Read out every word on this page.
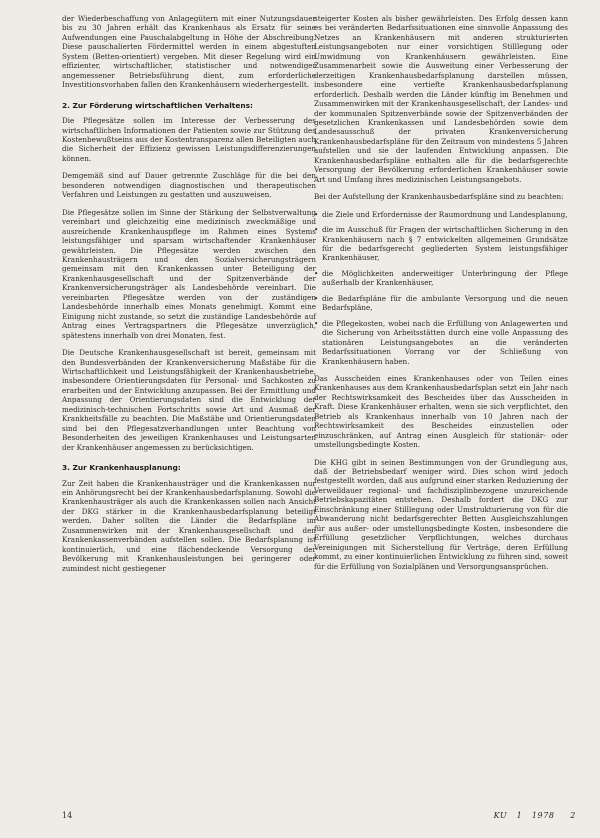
der Wiederbeschaffung von Anlagegütern mit einer Nutzungsdauer bis zu 30 Jahren erhält das Krankenhaus als Ersatz für seine Aufwendungen eine Pauschalabgeltung in Höhe der Abschreibung. Diese pauschalierten Fördermittel werden in einem abgestuften System (Betten-orientiert) vergeben. Mit dieser Regelung wird ein effizienter, wirtschaftlicher, statistischer und notwendiger angemessener Betriebsführung dient, zum erforderliche Investitionsvorhaben fallen den Krankenhäusern wiederhergestellt.

2. Zur Förderung wirtschaftlichen Verhaltens:

Die Pflegesätze sollen im Interesse der Verbesserung des wirtschaftlichen Informationen der Patienten sowie zur Stützung des Kostenbewußtseins aus der Kostentransparenz allen Beteiligten auch die Sicherheit der Effizienz gewissen Leistungsdifferenzierungen können.

Demgemäß sind auf Dauer getrennte Zuschläge für die bei den besonderen notwendigen diagnostischen und therapeutischen Verfahren und Leistungen zu gestatten und auszuweisen.

Die Pflegesätze sollen im Sinne der Stärkung der Selbstverwaltung vereinbart und gleichzeitig eine medizinisch zweckmäßige und ausreichende Krankenhauspflege im Rahmen eines Systems leistungsfähiger und sparsam wirtschaftender Krankenhäuser gewährleisten. Die Pflegesätze werden zwischen den Krankenhausträgern und den Sozialversicherungsträgern gemeinsam mit den Krankenkassen unter Beteiligung der Krankenhausgesellschaft und der Spitzenverbände der Krankenversicherungsträger als Landesbehörde vereinbart. Die vereinbarten Pflegesätze werden von der zuständigen Landesbehörde innerhalb eines Monats genehmigt. Kommt eine Einigung nicht zustande, so setzt die zuständige Landesbehörde auf Antrag eines Vertragspartners die Pflegesätze unverzüglich, spätestens innerhalb von drei Monaten, fest.

Die Deutsche Krankenhausgesellschaft ist bereit, gemeinsam mit den Bundesverbänden der Krankenversicherung Maßstäbe für die Wirtschaftlichkeit und Leistungsfähigkeit der Krankenhausbetriebe, insbesondere Orientierungsdaten für Personal- und Sachkosten zu erarbeiten und der Entwicklung anzupassen. Bei der Ermittlung und Anpassung der Orientierungsdaten sind die Entwicklung der medizinisch-technischen Fortschritts sowie Art und Ausmaß der Krankheitsfälle zu beachten. Die Maßstäbe und Orientierungsdaten sind bei den Pflegesatzverhandlungen unter Beachtung von Besonderheiten des jeweiligen Krankenhauses und Leistungsarten der Krankenhäuser angemessen zu berücksichtigen.

3. Zur Krankenhausplanung:

Zur Zeit haben die Krankenhausträger und die Krankenkassen nur ein Anhörungsrecht bei der Krankenhausbedarfsplanung. Sowohl die Krankenhausträger als auch die Krankenkassen sollen nach Ansicht der DKG stärker in die Krankenhausbedarfsplanung beteiligt werden. Daher sollten die Länder die Bedarfspläne im Zusammenwirken mit der Krankenhausgesellschaft und den Krankenkassenverbänden aufstellen sollen. Die Bedarfsplanung ist kontinuierlich, und eine flächendeckende Versorgung der Bevölkerung mit Krankenhausleistungen bei geringerer oder zumindest nicht gestiegener

steigerter Kosten als bisher gewährleisten. Des Erfolg dessen kann es bei veränderten Bedarfssituationen eine sinnvolle Anpassung des Netzes an Krankenhäusern mit anderen strukturierten Leistungsangeboten nur einer vorsichtigen Stilllegung oder Umwidmung von Krankenhäusern gewährleisten. Eine Zusammenarbeit sowie die Ausweitung einer Verbesserung der derzeitigen Krankenhausbedarfsplanung darstellen müssen, insbesondere eine vertiefte Krankenhausbedarfsplanung erforderlich. Deshalb werden die Länder künftig im Benehmen und Zusammenwirken mit der Krankenhausgesellschaft, der Landes- und der kommunalen Spitzenverbände sowie der Spitzenverbänden der gesetzlichen Krankenkassen und Landesbehörden sowie dem Landesausschuß der privaten Krankenversicherung Krankenhausbedarfspläne für den Zeitraum von mindestens 5 Jahren aufstellen und sie der laufenden Entwicklung anpassen. Die Krankenhausbedarfspläne enthalten alle für die bedarfsgerechte Versorgung der Bevölkerung erforderlichen Krankenhäuser sowie Art und Umfang ihres medizinischen Leistungsangebots.

Bei der Aufstellung der Krankenhausbedarfspläne sind zu beachten:

• die Ziele und Erfordernisse der Raumordnung und Landesplanung,
• die im Ausschuß für Fragen der wirtschaftlichen Sicherung in den Krankenhäusern nach § 7 entwickelten allgemeinen Grundsätze für die bedarfsgerecht gegliederten System leistungsfähiger Krankenhäuser,
• die Möglichkeiten anderweitiger Unterbringung der Pflege außerhalb der Krankenhäuser,
• die Bedarfspläne für die ambulante Versorgung und die neuen Bedarfspläne,
• die Pflegekosten, wobei nach die Erfüllung von Anlagewerten und die Sicherung von Arbeitsstätten durch eine volle Anpassung des stationären Leistungsangebotes an die veränderten Bedarfssituationen Vorrang vor der Schließung von Krankenhäusern haben.

Das Ausscheiden eines Krankenhauses oder von Teilen eines Krankenhauses aus dem Krankenhausbedarfsplan setzt ein Jahr nach der Rechtswirksamkeit des Bescheides über das Ausscheiden in Kraft. Diese Krankenhäuser erhalten, wenn sie sich verpflichtet, den Betrieb als Krankenhaus innerhalb von 10 Jahren nach der Rechtswirksamkeit des Bescheides einzustellen oder einzuschränken, auf Antrag einen Ausgleich für stationär- oder umstellungsbedingte Kosten.

Die KHG gibt in seinen Bestimmungen von der Grundlegung aus, daß der Betriebsbedarf weniger wird. Dies schon wird jedoch festgestellt worden, daß aus aufgrund einer starken Reduzierung der Verweildauer regional- und fachdisziplinbezogene unzureichende Betriebskapazitäten entstehen. Deshalb fordert die DKG zur Einschränkung einer Stilllegung oder Umstrukturierung von für die Abwanderung nicht bedarfsgerechter Betten Ausgleichszahlungen für aus außer- oder umstellungsbedingte Kosten, insbesondere die Erfüllung gesetzlicher Verpflichtungen, welches durchaus Vereinigungen mit Sicherstellung für Verträge, deren Erfüllung kommt, zu einer kontinuierlichen Entwicklung zu führen sind, soweit für die Erfüllung von Sozialplänen und Versorgungsansprüchen.

14	KU 1 1978 2
